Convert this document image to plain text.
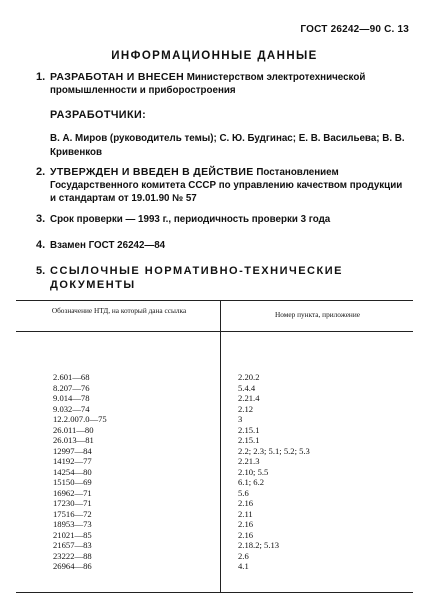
ГОСТ 26242—90 С. 13
ИНФОРМАЦИОННЫЕ ДАННЫЕ
1. РАЗРАБОТАН И ВНЕСЕН Министерством электротехнической промышленности и приборостроения
РАЗРАБОТЧИКИ:
В. А. Миров (руководитель темы); С. Ю. Будгинас; Е. В. Васильева; В. В. Кривенков
2. УТВЕРЖДЕН И ВВЕДЕН В ДЕЙСТВИЕ Постановлением Государственного комитета СССР по управлению качеством продукции и стандартам от 19.01.90 № 57
3. Срок проверки — 1993 г., периодичность проверки 3 года
4. Взамен ГОСТ 26242—84
5. ССЫЛОЧНЫЕ НОРМАТИВНО-ТЕХНИЧЕСКИЕ ДОКУМЕНТЫ
Обозначение НТД, на который дана ссылка	Номер пункта, приложение
2.601—68
8.207—76
9.014—78
9.032—74
12.2.007.0—75
26.011—80
26.013—81
12997—84
14192—77
14254—80
15150—69
16962—71
17230—71
17516—72
18953—73
21021—85
21657—83
23222—88
26964—86
2.20.2
5.4.4
2.21.4
2.12
3
2.15.1
2.15.1
2.2; 2.3; 5.1; 5.2; 5.3
2.21.3
2.10; 5.5
6.1; 6.2
5.6
2.16
2.11
2.16
2.16
2.18.2; 5.13
2.6
4.1
